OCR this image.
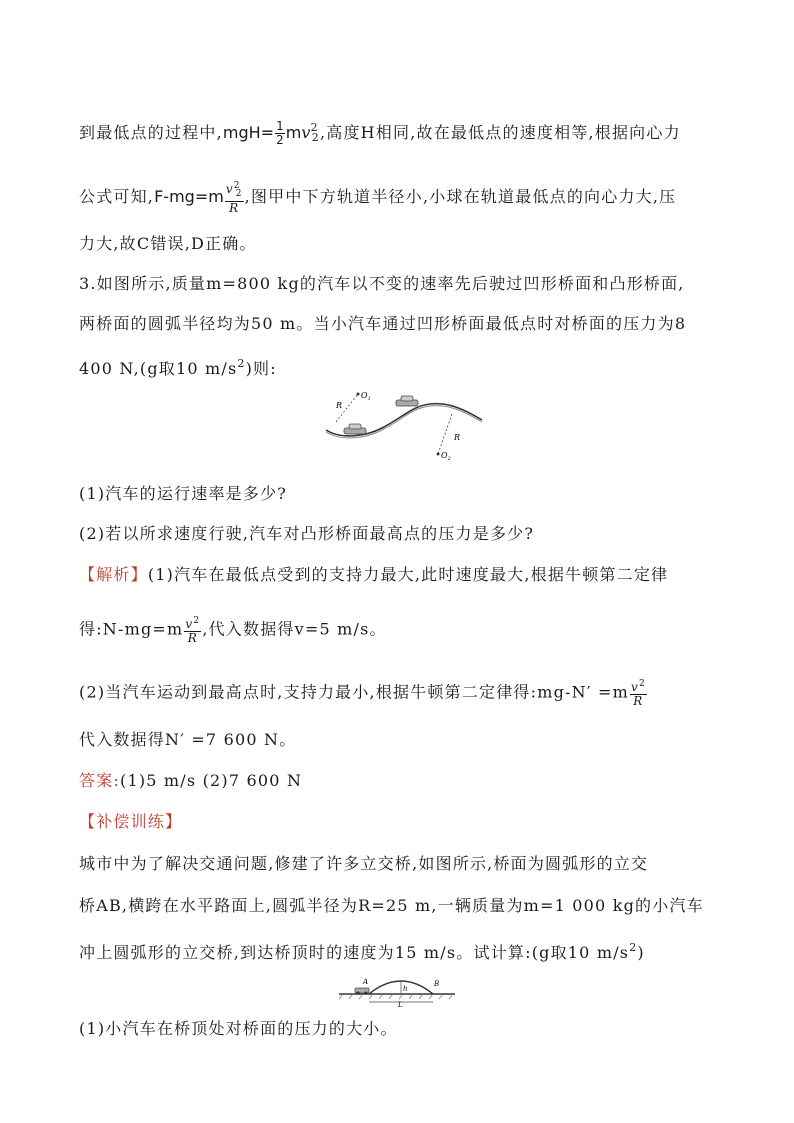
到最低点的过程中$,mgH= \frac{1}{2} mv^2_2$,高度H相同,故在最低点的速度相等,根据向心力
公式可知$,F-mg=m \frac{v^2_2}{R}$ ,图甲中下方轨道半径小,小球在轨道最低点的向心力大,压
力大,故C错误,D正确。
3.如图所示,质量m=800 kg的汽车以不变的速率先后驶过凹形桥面和凸形桥面,
两桥面的圆弧半径均为50 m。当小汽车通过凹形桥面最低点时对桥面的压力为8
400 N,(g取10 $m/s^2$)则:
R
$O_1$
R
$O_2$
(1)汽车的运行速率是多少?
(2)若以所求速度行驶,汽车对凸形桥面最高点的压力是多少?
【解析】(1)汽车在最低点受到的支持力最大,此时速度最大,根据牛顿第二定律
得:N-mg=m $\frac{v^2}{R}$ ,代入数据得v=5 m/s。
(2)当汽车运动到最高点时,支持力最小,根据牛顿第二定律得:mg-N′ $=m \frac{v^2}{R}$
代入数据得N′ =7 600 N。
答案:(1)5 m/s (2)7 600 N
【补偿训练】
城市中为了解决交通问题,修建了许多立交桥,如图所示,桥面为圆弧形的立交
桥AB,横跨在水平路面上,圆弧半径为R=25 m,一辆质量为m=1 000 kg的小汽车
冲上圆弧形的立交桥,到达桥顶时的速度为15 m/s。试计算:(g取10 $m/s^2$)
A	B
h
L
(1)小汽车在桥顶处对桥面的压力的大小。
